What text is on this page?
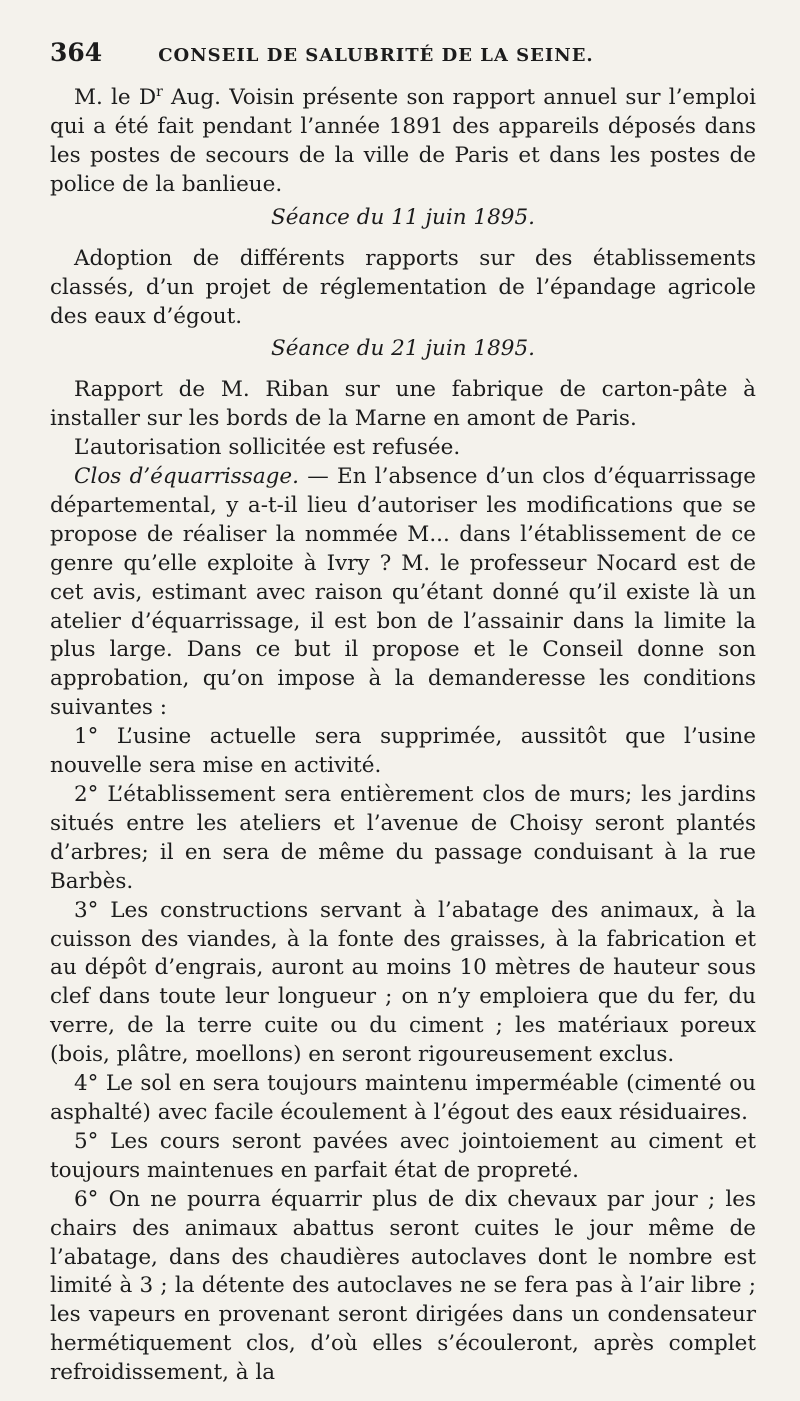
364	CONSEIL DE SALUBRITÉ DE LA SEINE.

M. le $D^r$ Aug. Voisin présente son rapport annuel sur l’emploi qui a été fait pendant l’année 1891 des appareils déposés dans les postes de secours de la ville de Paris et dans les postes de police de la banlieue.

Séance du 11 juin 1895.

Adoption de différents rapports sur des établissements classés, d’un projet de réglementation de l’épandage agricole des eaux d’égout.

Séance du 21 juin 1895.

Rapport de M. Riban sur une fabrique de carton-pâte à installer sur les bords de la Marne en amont de Paris.

L’autorisation sollicitée est refusée.

Clos d’équarrissage. — En l’absence d’un clos d’équarrissage départemental, y a-t-il lieu d’autoriser les modifications que se propose de réaliser la nommée M... dans l’établissement de ce genre qu’elle exploite à Ivry ? M. le professeur Nocard est de cet avis, estimant avec raison qu’étant donné qu’il existe là un atelier d’équarrissage, il est bon de l’assainir dans la limite la plus large. Dans ce but il propose et le Conseil donne son approbation, qu’on impose à la demanderesse les conditions suivantes :

1° L’usine actuelle sera supprimée, aussitôt que l’usine nouvelle sera mise en activité.

2° L’établissement sera entièrement clos de murs; les jardins situés entre les ateliers et l’avenue de Choisy seront plantés d’arbres; il en sera de même du passage conduisant à la rue Barbès.

3° Les constructions servant à l’abatage des animaux, à la cuisson des viandes, à la fonte des graisses, à la fabrication et au dépôt d’engrais, auront au moins 10 mètres de hauteur sous clef dans toute leur longueur ; on n’y emploiera que du fer, du verre, de la terre cuite ou du ciment ; les matériaux poreux (bois, plâtre, moellons) en seront rigoureusement exclus.

4° Le sol en sera toujours maintenu imperméable (cimenté ou asphalté) avec facile écoulement à l’égout des eaux résiduaires.

5° Les cours seront pavées avec jointoiement au ciment et toujours maintenues en parfait état de propreté.

6° On ne pourra équarrir plus de dix chevaux par jour ; les chairs des animaux abattus seront cuites le jour même de l’abatage, dans des chaudières autoclaves dont le nombre est limité à 3 ; la détente des autoclaves ne se fera pas à l’air libre ; les vapeurs en provenant seront dirigées dans un condensateur hermétiquement clos, d’où elles s’écouleront, après complet refroidissement, à la
